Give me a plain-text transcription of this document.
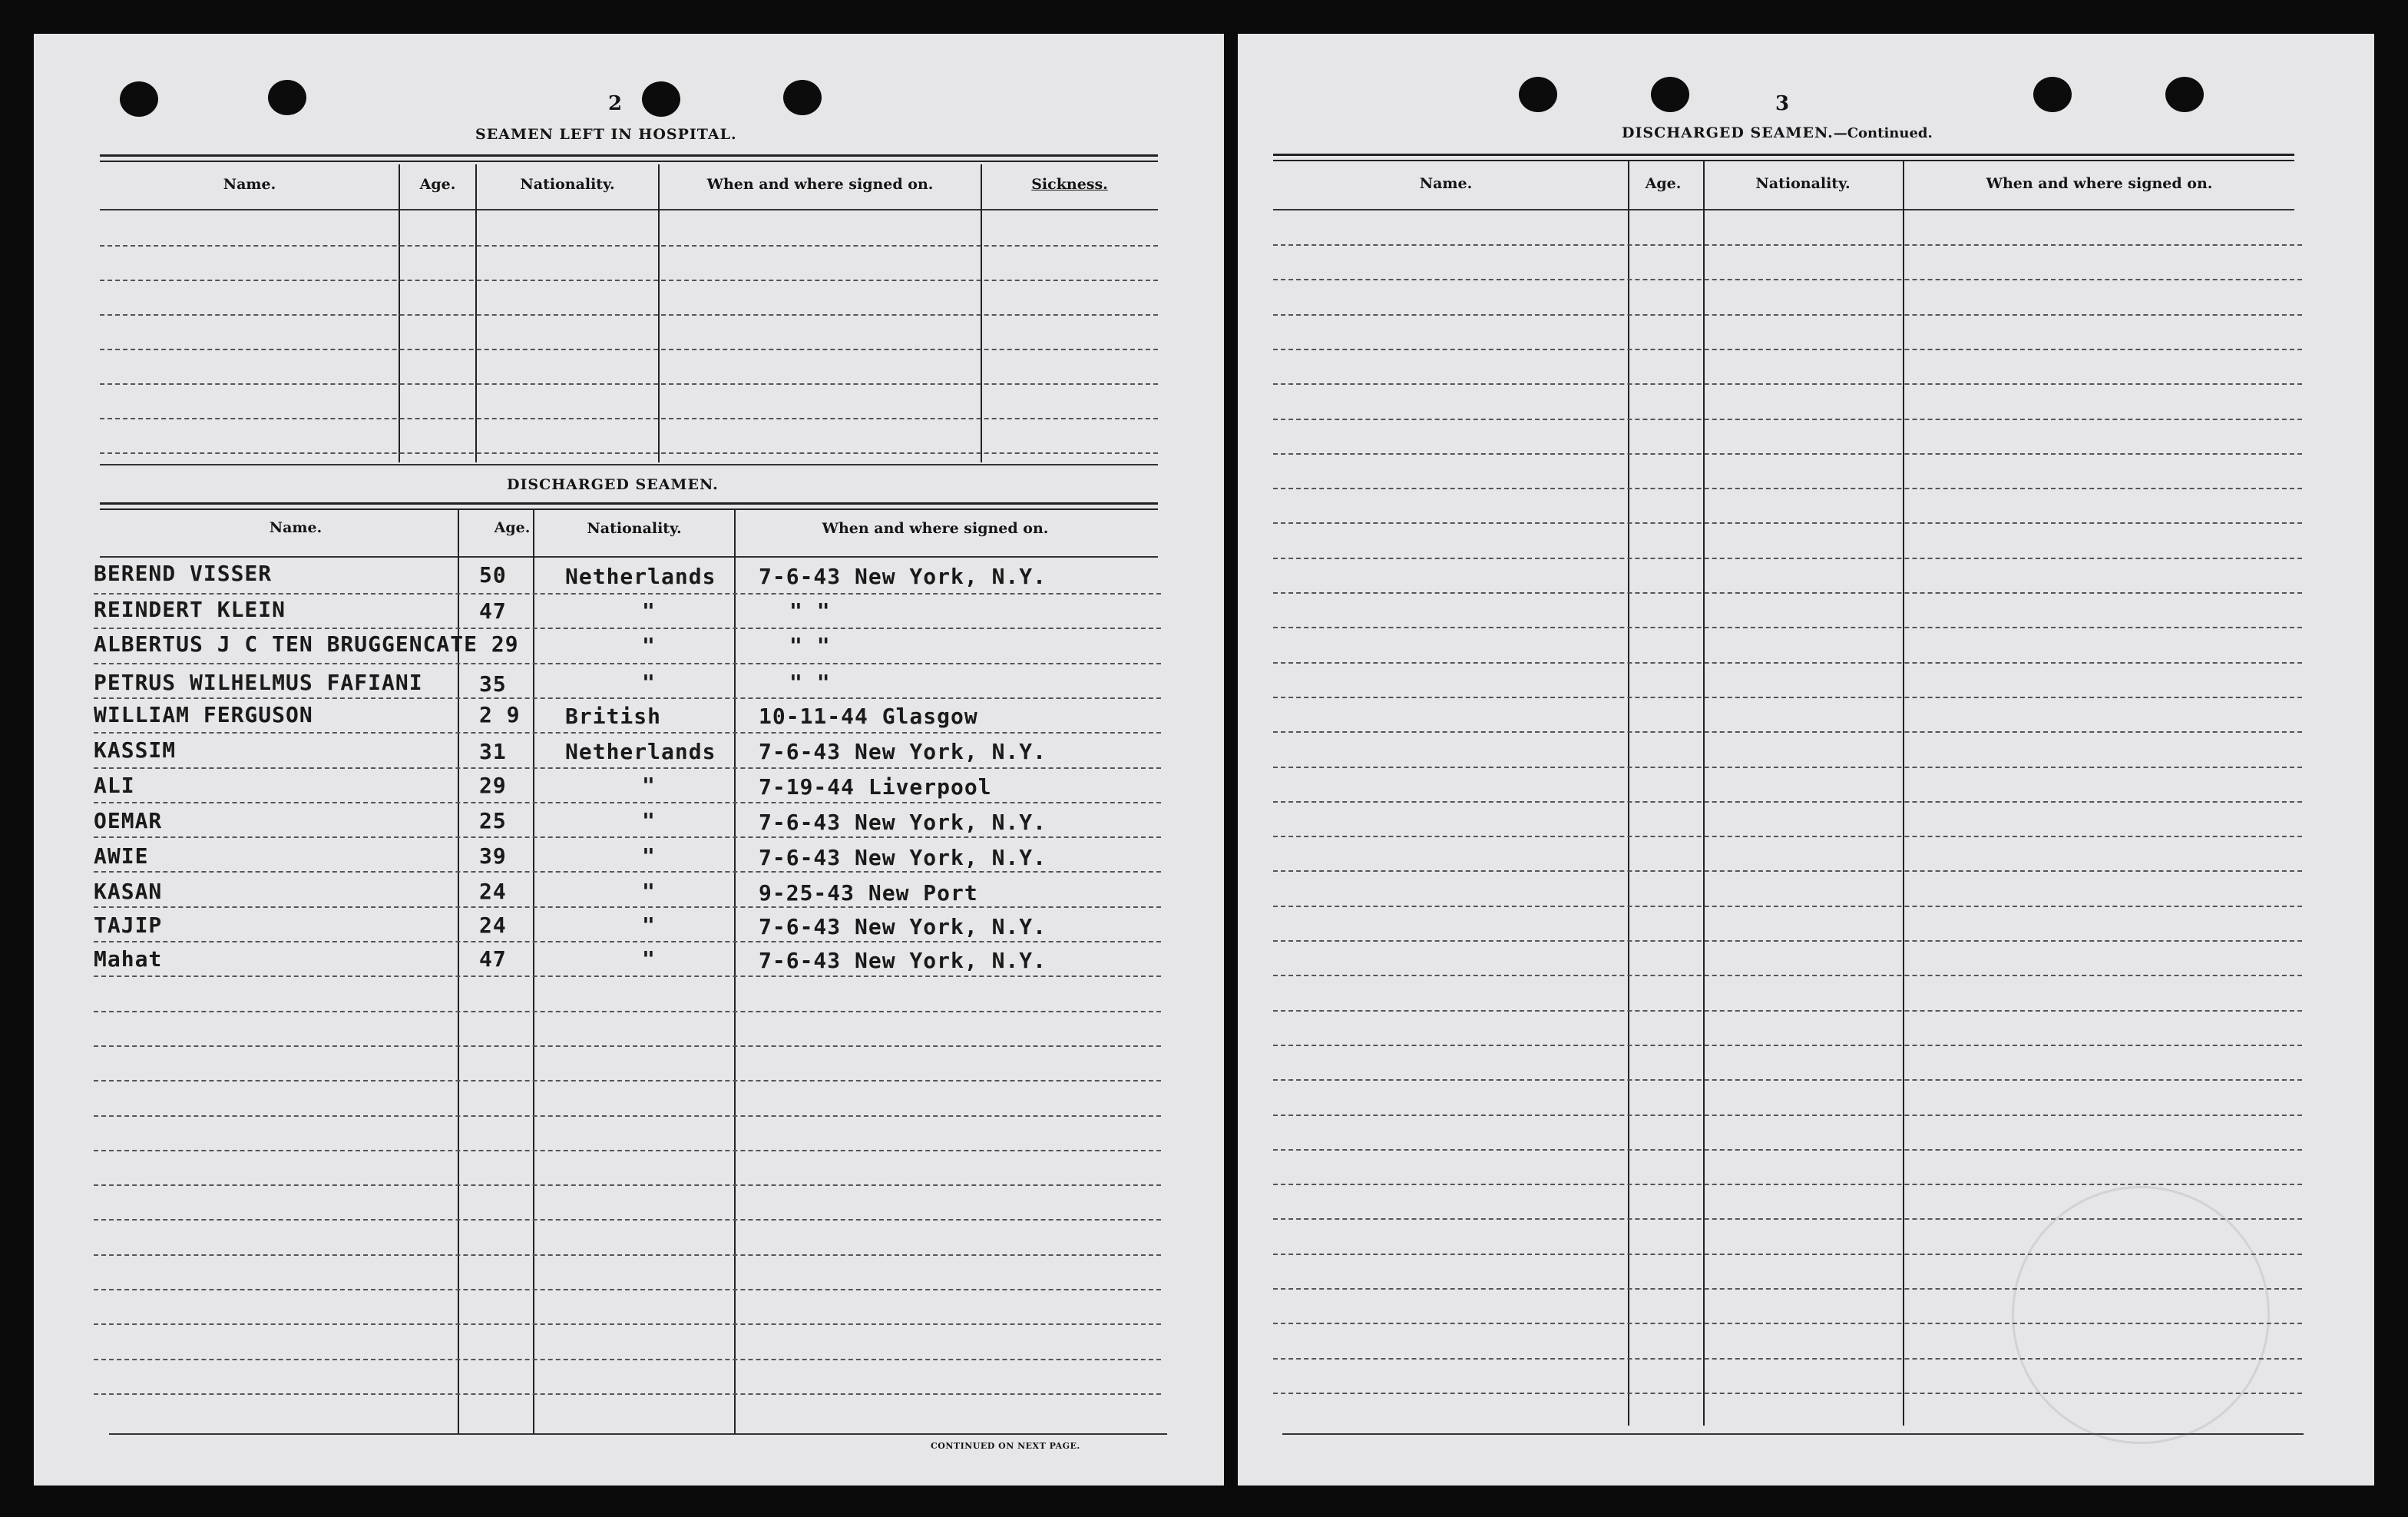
2
SEAMEN LEFT IN HOSPITAL.
Name.	Age.	Nationality.	When and where signed on.	Sickness.
DISCHARGED SEAMEN.
Name.	Age.	Nationality.	When and where signed on.
BEREND VISSER	50	Netherlands 7-6-43 New York, N.Y.
REINDERT KLEIN	47	"	" "
ALBERTUS J C TEN BRUGGENCATE 29	"	" "
PETRUS WILHELMUS FAFIANI	35	"	" "
WILLIAM FERGUSON	2 9 British	10-11-44 Glasgow
KASSIM	31	Netherlands 7-6-43 New York, N.Y.
ALI	29	"	7-19-44 Liverpool
OEMAR	25	"	7-6-43 New York, N.Y.
AWIE	39	"	7-6-43 New York, N.Y.
KASAN	24	"	9-25-43 New Port
TAJIP	24	"	7-6-43 New York, N.Y.
Mahat	47	"	7-6-43 New York, N.Y.
CONTINUED ON NEXT PAGE.
3
DISCHARGED SEAMEN.—Continued.
Name.	Age.	Nationality.	When and where signed on.
